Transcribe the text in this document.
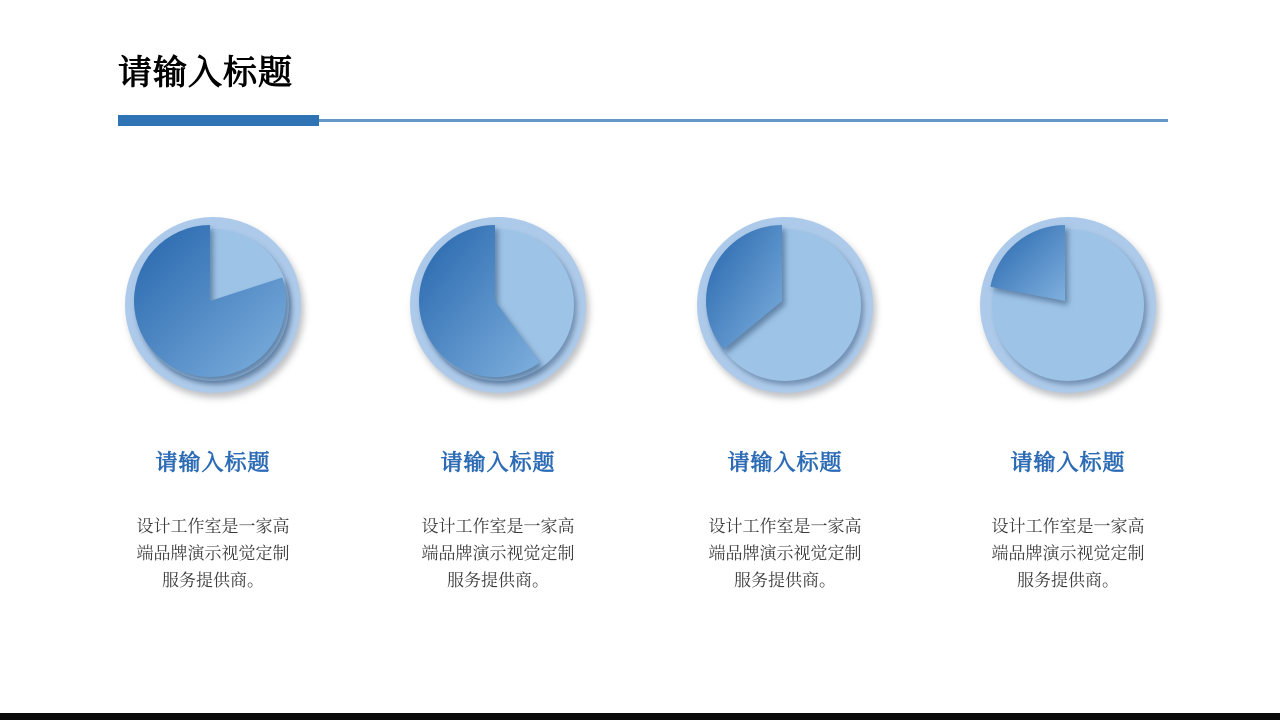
请输入标题
请输入标题
设计工作室是一家高
端品牌演示视觉定制
服务提供商。
请输入标题
设计工作室是一家高
端品牌演示视觉定制
服务提供商。
请输入标题
设计工作室是一家高
端品牌演示视觉定制
服务提供商。
请输入标题
设计工作室是一家高
端品牌演示视觉定制
服务提供商。
